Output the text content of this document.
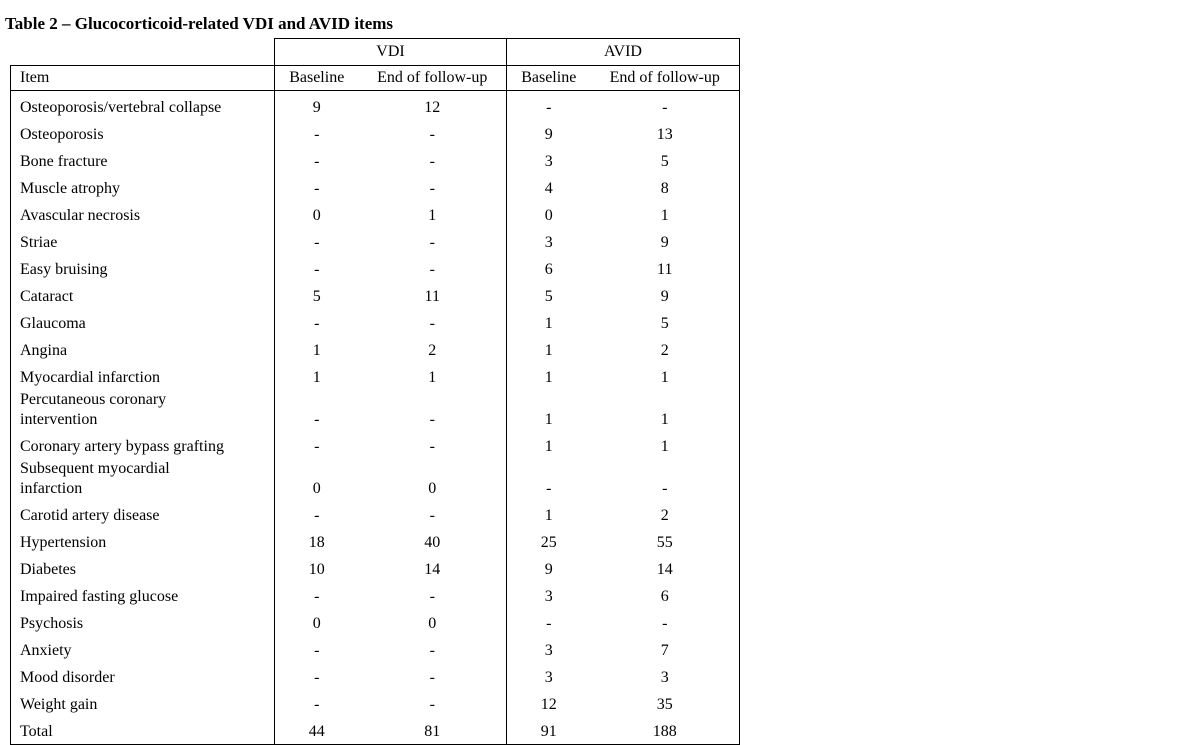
Table 2 – Glucocorticoid-related VDI and AVID items
	VDI		AVID	
Item	Baseline	End of follow-up	Baseline	End of follow-up
Osteoporosis/vertebral collapse	9	12	-	-
Osteoporosis	-	-	9	13
Bone fracture	-	-	3	5
Muscle atrophy	-	-	4	8
Avascular necrosis	0	1	0	1
Striae	-	-	3	9
Easy bruising	-	-	6	11
Cataract	5	11	5	9
Glaucoma	-	-	1	5
Angina	1	2	1	2
Myocardial infarction	1	1	1	1

Percutaneous coronary intervention	-	-	1	1
Coronary artery bypass grafting	-	-	1	1

Subsequent myocardial infarction	0	0	-	-
Carotid artery disease	-	-	1	2
Hypertension	18	40	25	55
Diabetes	10	14	9	14
Impaired fasting glucose	-	-	3	6
Psychosis	0	0	-	-
Anxiety	-	-	3	7
Mood disorder	-	-	3	3
Weight gain	-	-	12	35
Total	44	81	91	188
